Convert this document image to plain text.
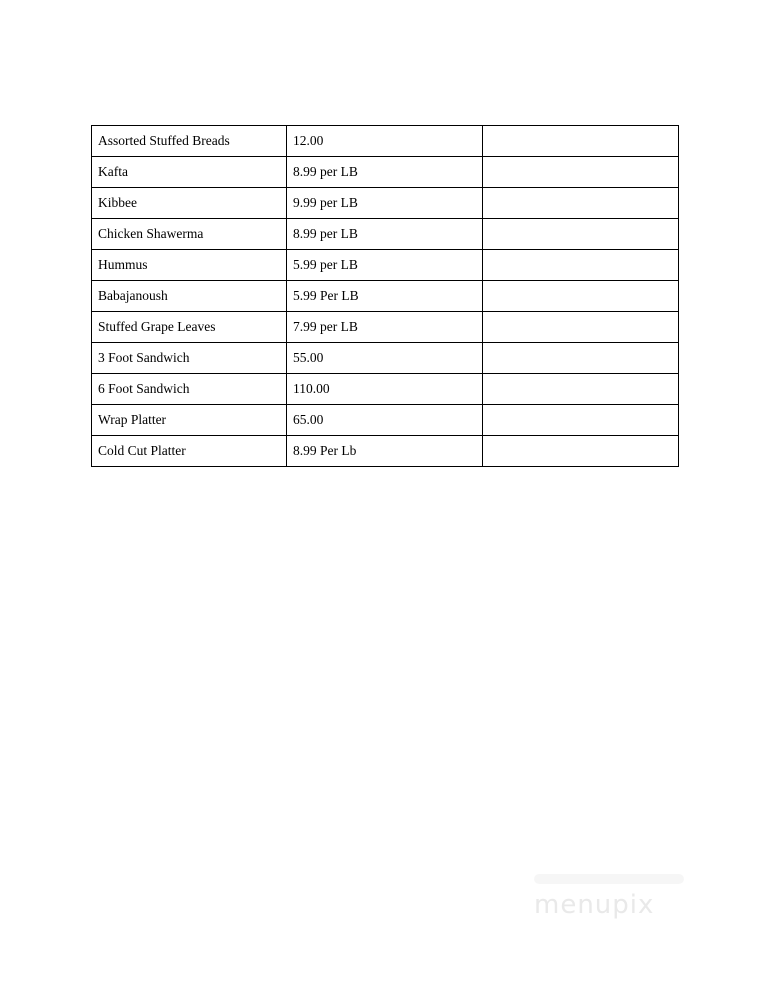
Assorted Stuffed Breads	12.00	
Kafta	8.99 per LB	
Kibbee	9.99 per LB	
Chicken Shawerma	8.99 per LB	
Hummus	5.99 per LB	
Babajanoush	5.99 Per LB	
Stuffed Grape Leaves	7.99 per LB	
3 Foot Sandwich	55.00	
6 Foot Sandwich	110.00	
Wrap Platter	65.00	
Cold Cut Platter	8.99 Per Lb	
menupix
